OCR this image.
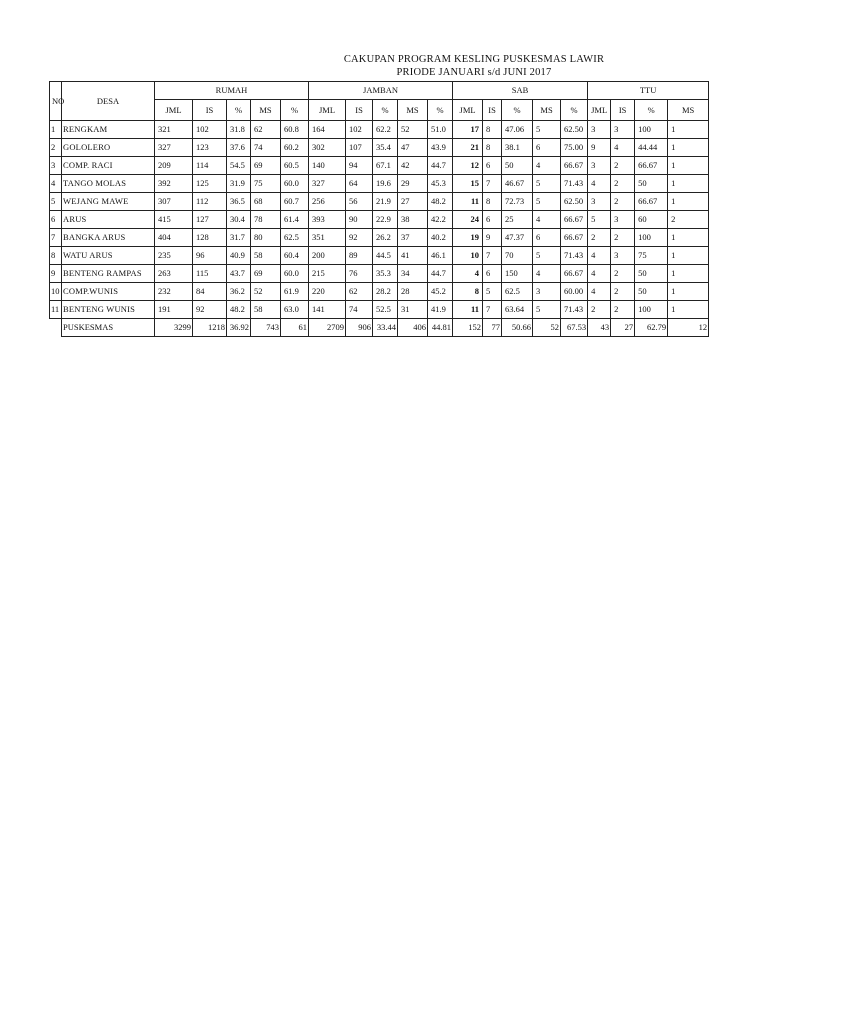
CAKUPAN PROGRAM KESLING PUSKESMAS LAWIR
PRIODE JANUARI s/d JUNI 2017
NO	DESA	RUMAH					JAMBAN					SAB					TTU			
		JML	IS	%	MS	%	JML	IS	%	MS	%	JML	IS	%	MS	%	JML	IS	%	MS
1	RENGKAM	321	102	31.8	62	60.8	164	102	62.2	52	51.0	17	8	47.06	5	62.50	3	3	100	1
2	GOLOLERO	327	123	37.6	74	60.2	302	107	35.4	47	43.9	21	8	38.1	6	75.00	9	4	44.44	1
3	COMP. RACI	209	114	54.5	69	60.5	140	94	67.1	42	44.7	12	6	50	4	66.67	3	2	66.67	1
4	TANGO MOLAS	392	125	31.9	75	60.0	327	64	19.6	29	45.3	15	7	46.67	5	71.43	4	2	50	1
5	WEJANG MAWE	307	112	36.5	68	60.7	256	56	21.9	27	48.2	11	8	72.73	5	62.50	3	2	66.67	1
6	ARUS	415	127	30.4	78	61.4	393	90	22.9	38	42.2	24	6	25	4	66.67	5	3	60	2
7	BANGKA ARUS	404	128	31.7	80	62.5	351	92	26.2	37	40.2	19	9	47.37	6	66.67	2	2	100	1
8	WATU ARUS	235	96	40.9	58	60.4	200	89	44.5	41	46.1	10	7	70	5	71.43	4	3	75	1
9	BENTENG RAMPAS	263	115	43.7	69	60.0	215	76	35.3	34	44.7	4	6	150	4	66.67	4	2	50	1
10	COMP.WUNIS	232	84	36.2	52	61.9	220	62	28.2	28	45.2	8	5	62.5	3	60.00	4	2	50	1
11	BENTENG WUNIS	191	92	48.2	58	63.0	141	74	52.5	31	41.9	11	7	63.64	5	71.43	2	2	100	1
	PUSKESMAS	3299	1218	36.92	743	61	2709	906	33.44	406	44.81	152	77	50.66	52	67.53	43	27	62.79	12
